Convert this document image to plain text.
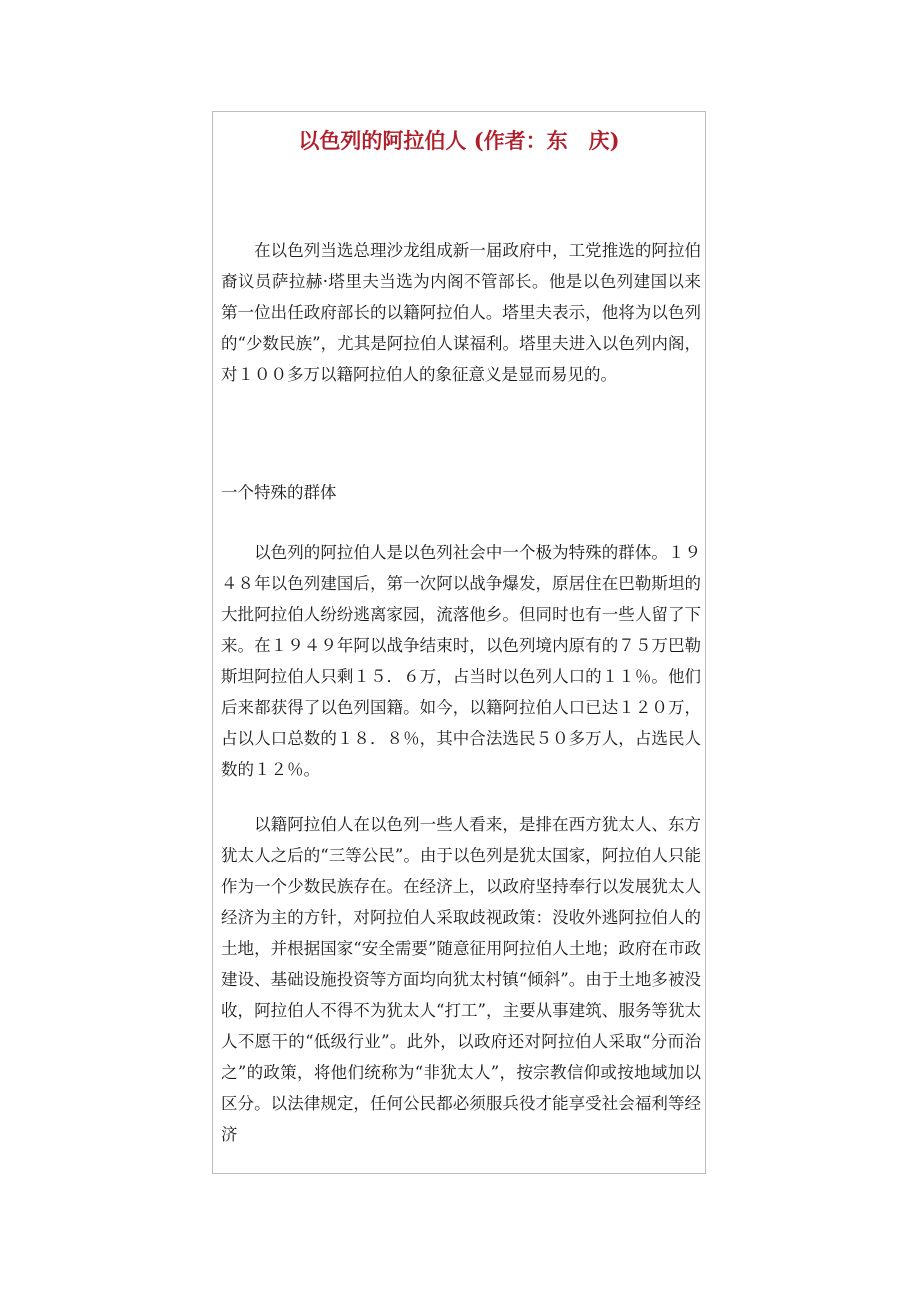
以色列的阿拉伯人 (作者：东　庆)

　　在以色列当选总理沙龙组成新一届政府中，工党推选的阿拉伯裔议员萨拉赫·塔里夫当选为内阁不管部长。他是以色列建国以来第一位出任政府部长的以籍阿拉伯人。塔里夫表示，他将为以色列的“少数民族”，尤其是阿拉伯人谋福利。塔里夫进入以色列内阁，对１００多万以籍阿拉伯人的象征意义是显而易见的。

一个特殊的群体

　　以色列的阿拉伯人是以色列社会中一个极为特殊的群体。１９４８年以色列建国后，第一次阿以战争爆发，原居住在巴勒斯坦的大批阿拉伯人纷纷逃离家园，流落他乡。但同时也有一些人留了下来。在１９４９年阿以战争结束时，以色列境内原有的７５万巴勒斯坦阿拉伯人只剩１５．６万，占当时以色列人口的１１％。他们后来都获得了以色列国籍。如今，以籍阿拉伯人口已达１２０万，占以人口总数的１８．８％，其中合法选民５０多万人，占选民人数的１２％。

　　以籍阿拉伯人在以色列一些人看来，是排在西方犹太人、东方犹太人之后的“三等公民”。由于以色列是犹太国家，阿拉伯人只能作为一个少数民族存在。在经济上，以政府坚持奉行以发展犹太人经济为主的方针，对阿拉伯人采取歧视政策：没收外逃阿拉伯人的土地，并根据国家“安全需要”随意征用阿拉伯人土地；政府在市政建设、基础设施投资等方面均向犹太村镇“倾斜”。由于土地多被没收，阿拉伯人不得不为犹太人“打工”，主要从事建筑、服务等犹太人不愿干的“低级行业”。此外，以政府还对阿拉伯人采取“分而治之”的政策，将他们统称为“非犹太人”，按宗教信仰或按地域加以区分。以法律规定，任何公民都必须服兵役才能享受社会福利等经济
